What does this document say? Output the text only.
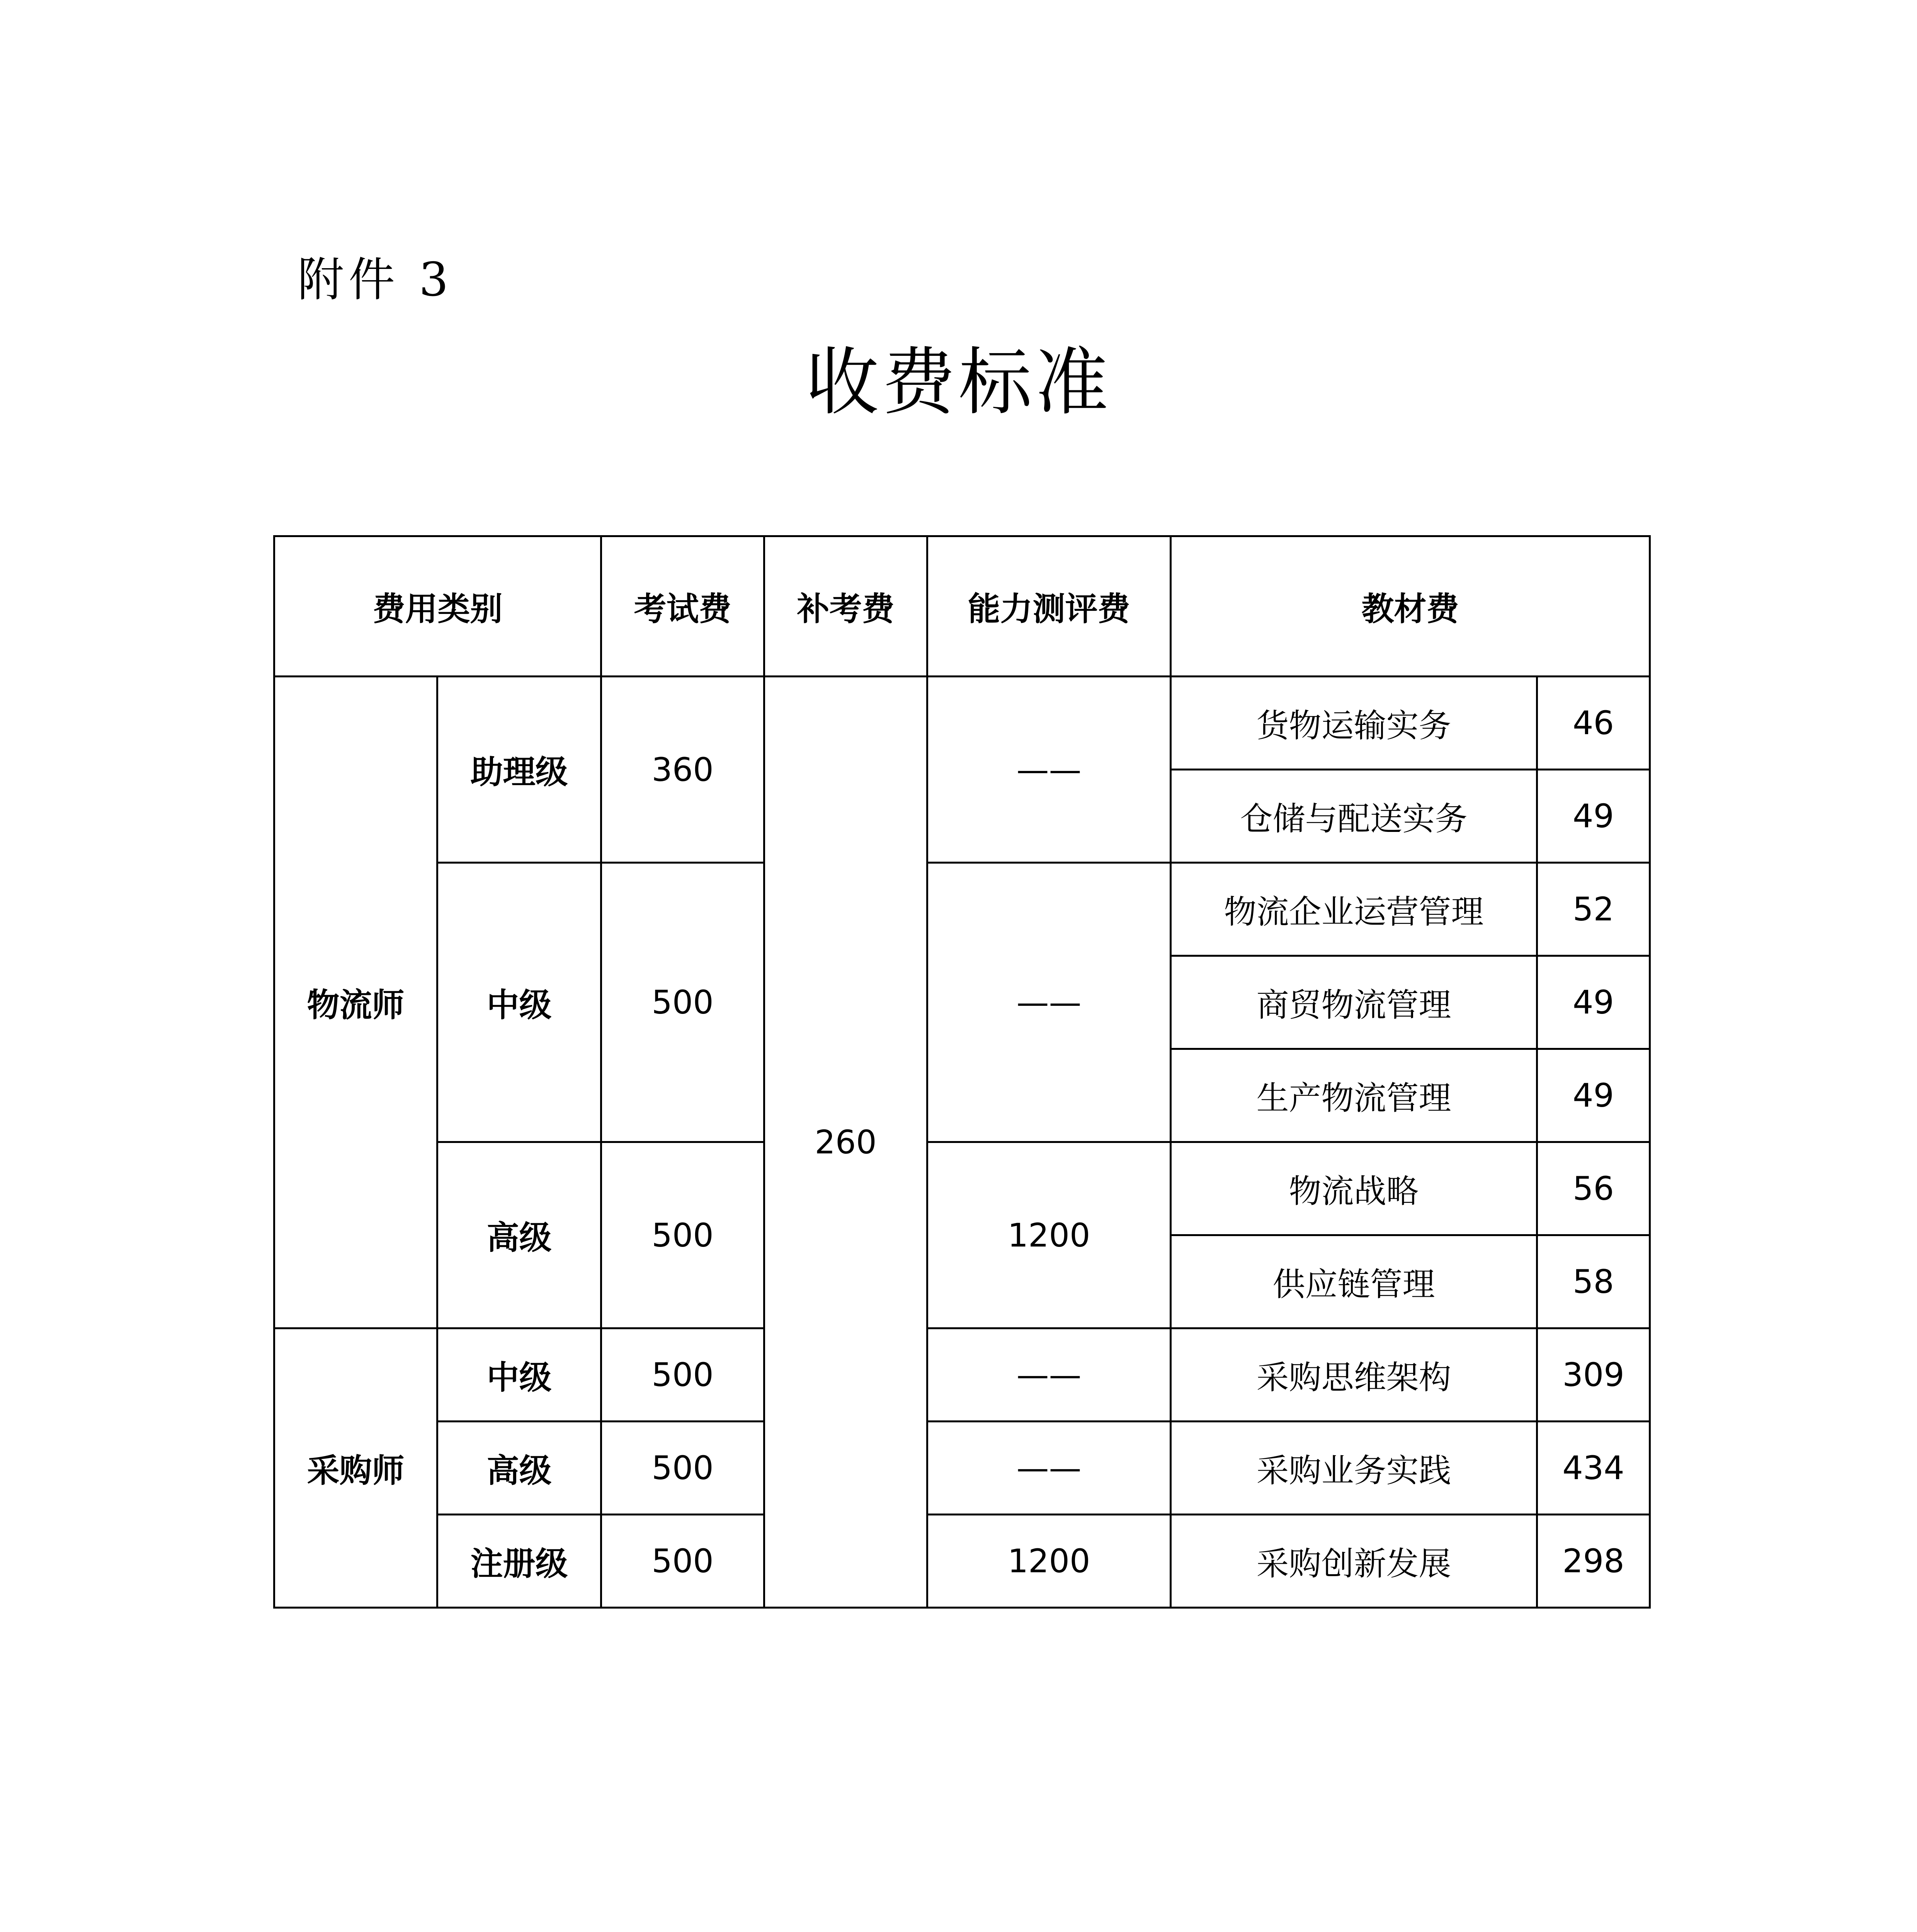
附件 3
收费标准
费用类别		考试费	补考费	能力测评费	教材费	
物流师	助理级	360	260	——	货物运输实务	46
					仓储与配送实务	49
	中级	500		——	物流企业运营管理	52
					商贸物流管理	49
					生产物流管理	49
	高级	500		1200	物流战略	56
					供应链管理	58
采购师	中级	500		——	采购思维架构	309
	高级	500		——	采购业务实践	434
	注册级	500		1200	采购创新发展	298
